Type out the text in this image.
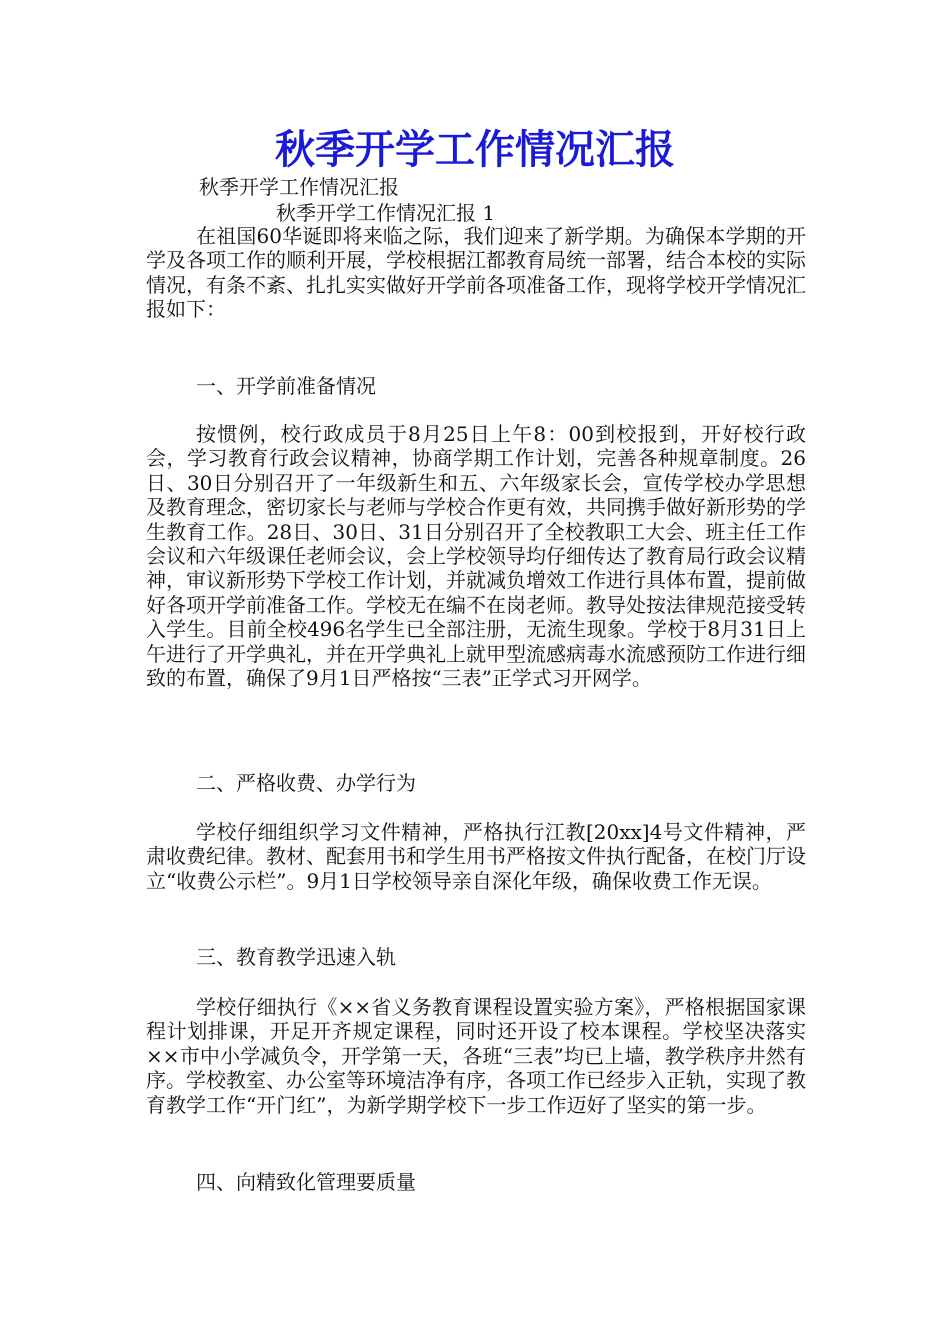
秋季开学工作情况汇报
秋季开学工作情况汇报
秋季开学工作情况汇报 1

在祖国60华诞即将来临之际，我们迎来了新学期。为确保本学期的开学及各项工作的顺利开展，学校根据江都教育局统一部署，结合本校的实际情况，有条不紊、扎扎实实做好开学前各项准备工作，现将学校开学情况汇报如下：

一、开学前准备情况

按惯例，校行政成员于8月25日上午8：00到校报到，开好校行政会，学习教育行政会议精神，协商学期工作计划，完善各种规章制度。26日、30日分别召开了一年级新生和五、六年级家长会，宣传学校办学思想及教育理念，密切家长与老师与学校合作更有效，共同携手做好新形势的学生教育工作。28日、30日、31日分别召开了全校教职工大会、班主任工作会议和六年级课任老师会议，会上学校领导均仔细传达了教育局行政会议精神，审议新形势下学校工作计划，并就减负增效工作进行具体布置，提前做好各项开学前准备工作。学校无在编不在岗老师。教导处按法律规范接受转入学生。目前全校496名学生已全部注册，无流生现象。学校于8月31日上午进行了开学典礼，并在开学典礼上就甲型流感病毒水流感预防工作进行细致的布置，确保了9月1日严格按“三表”正学式习开网学。

二、严格收费、办学行为

学校仔细组织学习文件精神，严格执行江教[20xx]4号文件精神，严肃收费纪律。教材、配套用书和学生用书严格按文件执行配备，在校门厅设立“收费公示栏”。9月1日学校领导亲自深化年级，确保收费工作无误。

三、教育教学迅速入轨

学校仔细执行《××省义务教育课程设置实验方案》，严格根据国家课程计划排课，开足开齐规定课程，同时还开设了校本课程。学校坚决落实××市中小学减负令，开学第一天，各班“三表”均已上墙，教学秩序井然有序。学校教室、办公室等环境洁净有序，各项工作已经步入正轨，实现了教育教学工作“开门红”，为新学期学校下一步工作迈好了坚实的第一步。

四、向精致化管理要质量
